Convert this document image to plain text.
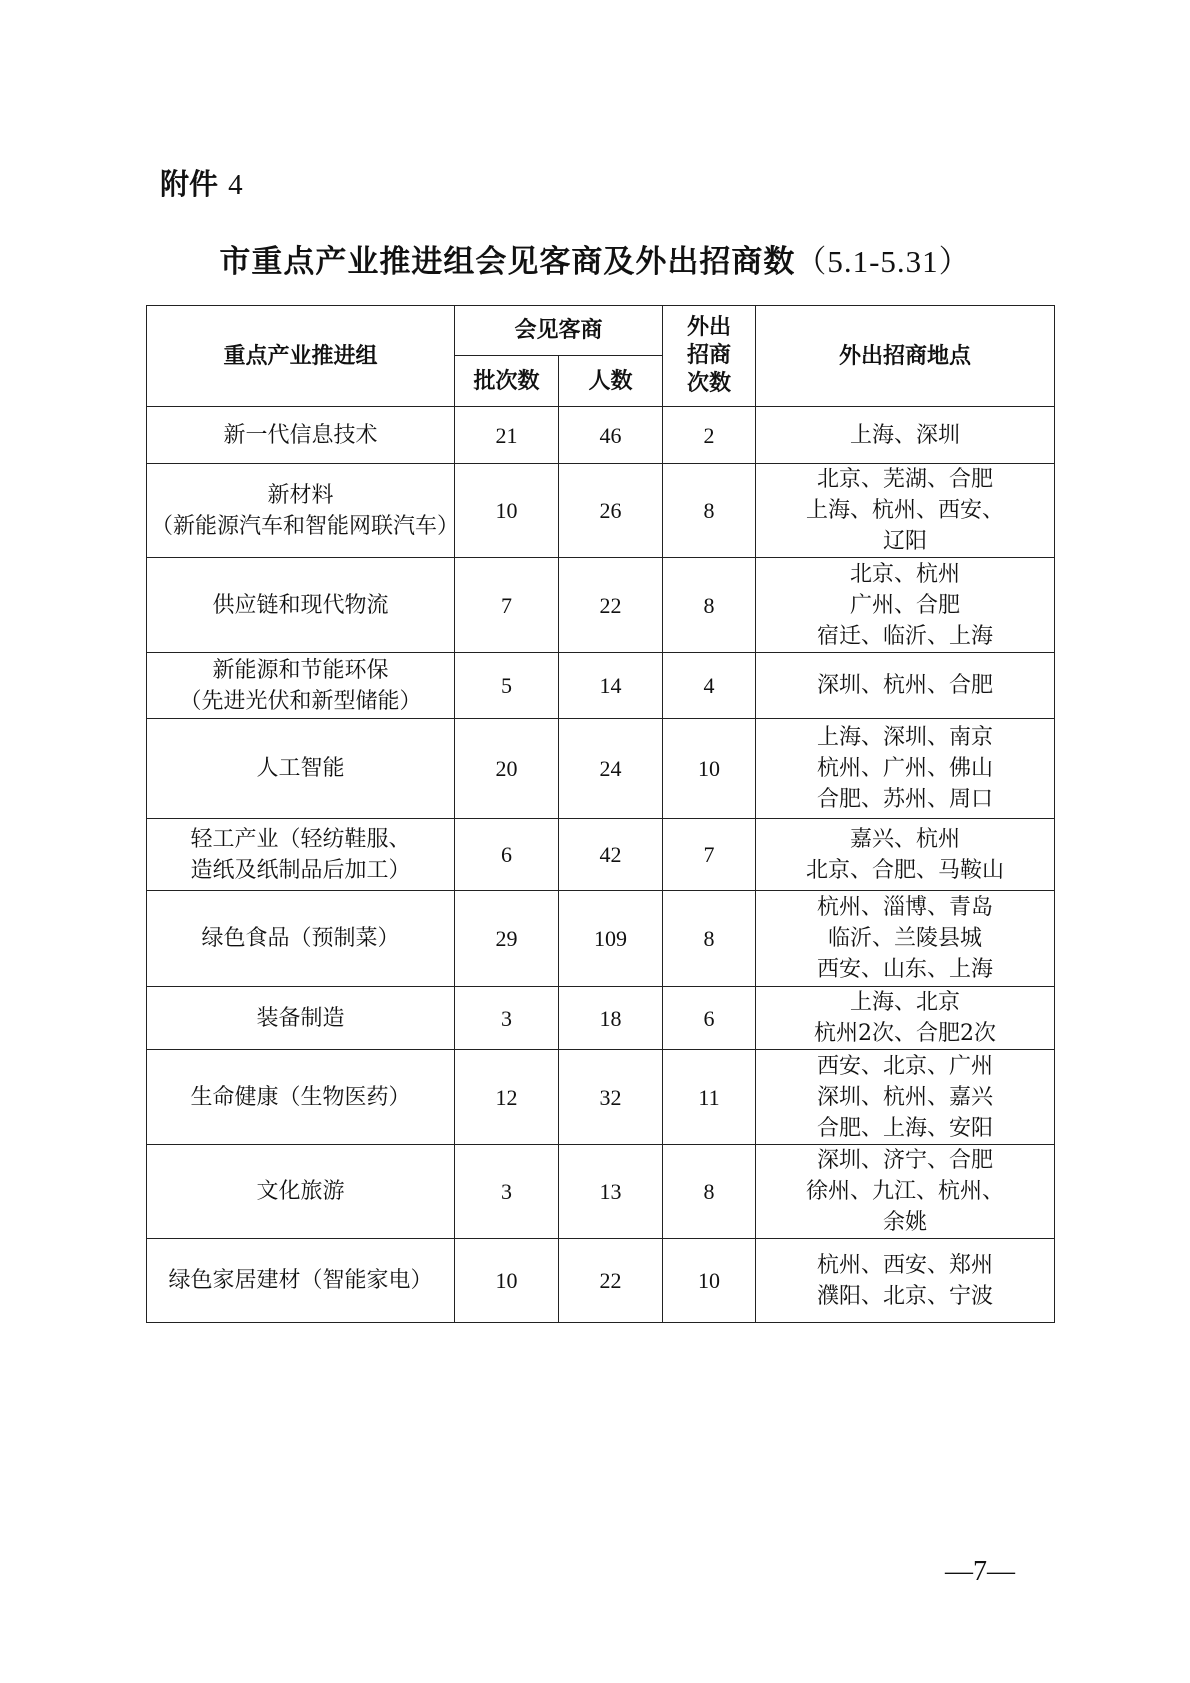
附件 4
市重点产业推进组会见客商及外出招商数（5.1-5.31）
重点产业推进组	会见客商		外出
招商
次数	外出招商地点
	批次数	人数		
新一代信息技术	21	46	2	上海、深圳
新材料
（新能源汽车和智能网联汽车）	10	26	8	北京、芜湖、合肥
上海、杭州、西安、
辽阳
供应链和现代物流	7	22	8	北京、杭州
广州、合肥
宿迁、临沂、上海
新能源和节能环保
（先进光伏和新型储能）	5	14	4	深圳、杭州、合肥
人工智能	20	24	10	上海、深圳、南京
杭州、广州、佛山
合肥、苏州、周口
轻工产业（轻纺鞋服、
造纸及纸制品后加工）	6	42	7	嘉兴、杭州
北京、合肥、马鞍山
绿色食品（预制菜）	29	109	8	杭州、淄博、青岛
临沂、兰陵县城
西安、山东、上海
装备制造	3	18	6	上海、北京
杭州2次、合肥2次
生命健康（生物医药）	12	32	11	西安、北京、广州
深圳、杭州、嘉兴
合肥、上海、安阳
文化旅游	3	13	8	深圳、济宁、合肥
徐州、九江、杭州、
余姚
绿色家居建材（智能家电）	10	22	10	杭州、西安、郑州
濮阳、北京、宁波
—7—
